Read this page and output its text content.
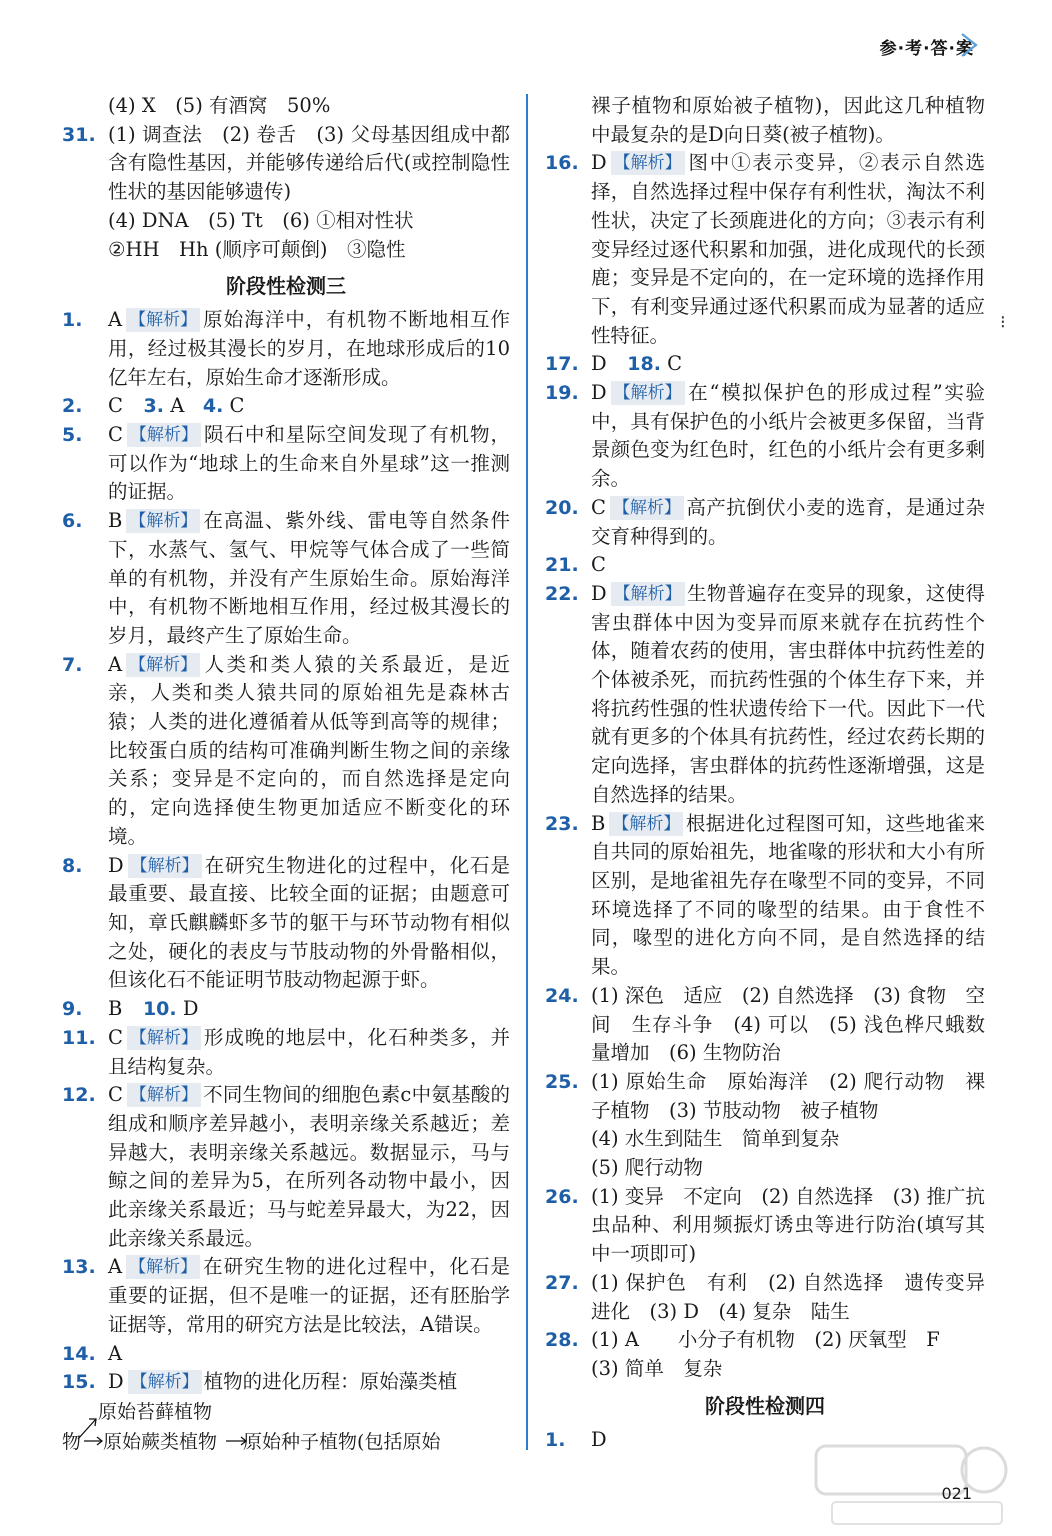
参·考·答·案
⁝
(4) X　(5) 有酒窝　50%
31. (1) 调查法　(2) 卷舌　(3) 父母基因组成中都含有隐性基因，并能够传递给后代(或控制隐性性状的基因能够遗传)
(4) DNA　(5) Tt　(6) ①相对性状
②HH　Hh (顺序可颠倒)　③隐性
阶段性检测三
1.	A 【解析】 原始海洋中，有机物不断地相互作用，经过极其漫长的岁月，在地球形成后的10亿年左右，原始生命才逐渐形成。
2.	C 3. A 4. C
5.	C 【解析】 陨石中和星际空间发现了有机物，可以作为“地球上的生命来自外星球”这一推测的证据。
6.	B 【解析】 在高温、紫外线、雷电等自然条件下，水蒸气、氢气、甲烷等气体合成了一些简单的有机物，并没有产生原始生命。原始海洋中，有机物不断地相互作用，经过极其漫长的岁月，最终产生了原始生命。
7.	A 【解析】 人类和类人猿的关系最近，是近亲，人类和类人猿共同的原始祖先是森林古猿；人类的进化遵循着从低等到高等的规律；比较蛋白质的结构可准确判断生物之间的亲缘关系；变异是不定向的，而自然选择是定向的，定向选择使生物更加适应不断变化的环境。
8.	D 【解析】 在研究生物进化的过程中，化石是最重要、最直接、比较全面的证据；由题意可知，章氏麒麟虾多节的躯干与环节动物有相似之处，硬化的表皮与节肢动物的外骨骼相似，但该化石不能证明节肢动物起源于虾。
9.	B 10. D
11. C 【解析】 形成晚的地层中，化石种类多，并且结构复杂。
12. C 【解析】 不同生物间的细胞色素c中氨基酸的组成和顺序差异越小，表明亲缘关系越近；差异越大，表明亲缘关系越远。数据显示，马与鲸之间的差异为5，在所列各动物中最小，因此亲缘关系最近；马与蛇差异最大，为22，因此亲缘关系最远。
13. A 【解析】 在研究生物的进化过程中，化石是重要的证据，但不是唯一的证据，还有胚胎学证据等，常用的研究方法是比较法，A错误。
14. A
15. D 【解析】 植物的进化历程：原始藻类植
原始苔藓植物
物 原始蕨类植物 原始种子植物(包括原始
裸子植物和原始被子植物)，因此这几种植物中最复杂的是D向日葵(被子植物)。
16. D 【解析】 图中①表示变异，②表示自然选择，自然选择过程中保存有利性状，淘汰不利性状，决定了长颈鹿进化的方向；③表示有利变异经过逐代积累和加强，进化成现代的长颈鹿；变异是不定向的，在一定环境的选择作用下，有利变异通过逐代积累而成为显著的适应性特征。
17. D 18. C
19. D 【解析】 在“模拟保护色的形成过程”实验中，具有保护色的小纸片会被更多保留，当背景颜色变为红色时，红色的小纸片会有更多剩余。
20. C 【解析】 高产抗倒伏小麦的选育，是通过杂交育种得到的。
21. C
22. D 【解析】 生物普遍存在变异的现象，这使得害虫群体中因为变异而原来就存在抗药性个体，随着农药的使用，害虫群体中抗药性差的个体被杀死，而抗药性强的个体生存下来，并将抗药性强的性状遗传给下一代。因此下一代就有更多的个体具有抗药性，经过农药长期的定向选择，害虫群体的抗药性逐渐增强，这是自然选择的结果。
23. B 【解析】 根据进化过程图可知，这些地雀来自共同的原始祖先，地雀喙的形状和大小有所区别，是地雀祖先存在喙型不同的变异，不同环境选择了不同的喙型的结果。由于食性不同，喙型的进化方向不同，是自然选择的结果。
24. (1) 深色　适应　(2) 自然选择　(3) 食物　空间　生存斗争　(4) 可以　(5) 浅色桦尺蛾数量增加　(6) 生物防治
25. (1) 原始生命　原始海洋　(2) 爬行动物　裸子植物　(3) 节肢动物　被子植物
(4) 水生到陆生　简单到复杂
(5) 爬行动物
26. (1) 变异　不定向　(2) 自然选择　(3) 推广抗虫品种、利用频振灯诱虫等进行防治(填写其中一项即可)
27. (1) 保护色　有利　(2) 自然选择　遗传变异　进化　(3) D　(4) 复杂　陆生
28. (1) A　　小分子有机物　(2) 厌氧型　F
(3) 简单　复杂
阶段性检测四
1.	D
021
